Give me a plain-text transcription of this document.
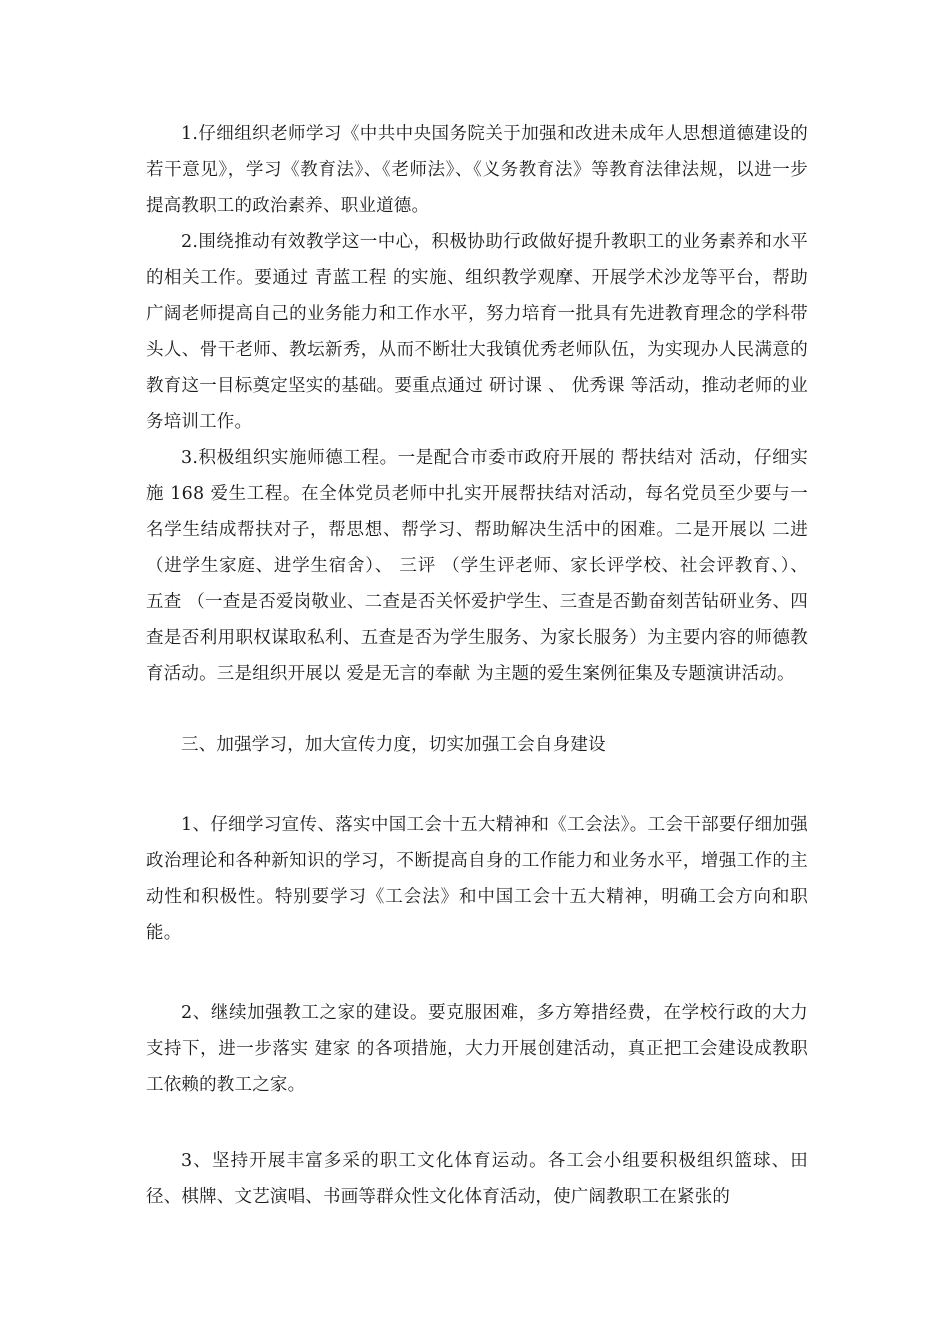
1.仔细组织老师学习《中共中央国务院关于加强和改进未成年人思想道德建设的若干意见》，学习《教育法》、《老师法》、《义务教育法》等教育法律法规，以进一步提高教职工的政治素养、职业道德。

2.围绕推动有效教学这一中心，积极协助行政做好提升教职工的业务素养和水平的相关工作。要通过 青蓝工程 的实施、组织教学观摩、开展学术沙龙等平台，帮助广阔老师提高自己的业务能力和工作水平，努力培育一批具有先进教育理念的学科带头人、骨干老师、教坛新秀，从而不断壮大我镇优秀老师队伍，为实现办人民满意的教育这一目标奠定坚实的基础。要重点通过 研讨课 、 优秀课 等活动，推动老师的业务培训工作。

3.积极组织实施师德工程。一是配合市委市政府开展的 帮扶结对 活动，仔细实施 168 爱生工程。在全体党员老师中扎实开展帮扶结对活动，每名党员至少要与一名学生结成帮扶对子，帮思想、帮学习、帮助解决生活中的困难。二是开展以 二进 （进学生家庭、进学生宿舍）、 三评 （学生评老师、家长评学校、社会评教育、）、 五查 （一查是否爱岗敬业、二查是否关怀爱护学生、三查是否勤奋刻苦钻研业务、四查是否利用职权谋取私利、五查是否为学生服务、为家长服务）为主要内容的师德教育活动。三是组织开展以 爱是无言的奉献 为主题的爱生案例征集及专题演讲活动。

三、加强学习，加大宣传力度，切实加强工会自身建设

1、仔细学习宣传、落实中国工会十五大精神和《工会法》。工会干部要仔细加强政治理论和各种新知识的学习，不断提高自身的工作能力和业务水平，增强工作的主动性和积极性。特别要学习《工会法》和中国工会十五大精神，明确工会方向和职能。

2、继续加强教工之家的建设。要克服困难，多方筹措经费，在学校行政的大力支持下，进一步落实 建家 的各项措施，大力开展创建活动，真正把工会建设成教职工依赖的教工之家。

3、坚持开展丰富多采的职工文化体育运动。各工会小组要积极组织篮球、田径、棋牌、文艺演唱、书画等群众性文化体育活动，使广阔教职工在紧张的
